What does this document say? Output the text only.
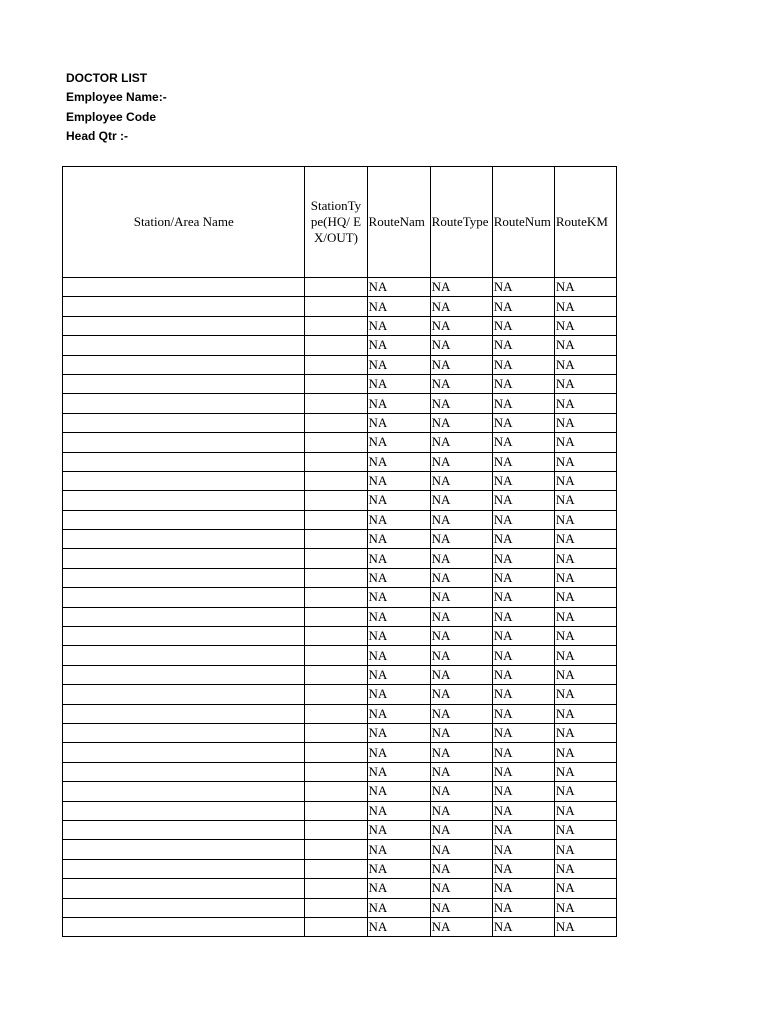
DOCTOR LIST
Employee Name:-
Employee Code
Head Qtr :-
Station/Area Name	StationTy pe(HQ/ EX/OUT)	RouteNam	RouteType	RouteNum	RouteKM
		NA	NA	NA	NA
		NA	NA	NA	NA
		NA	NA	NA	NA
		NA	NA	NA	NA
		NA	NA	NA	NA
		NA	NA	NA	NA
		NA	NA	NA	NA
		NA	NA	NA	NA
		NA	NA	NA	NA
		NA	NA	NA	NA
		NA	NA	NA	NA
		NA	NA	NA	NA
		NA	NA	NA	NA
		NA	NA	NA	NA
		NA	NA	NA	NA
		NA	NA	NA	NA
		NA	NA	NA	NA
		NA	NA	NA	NA
		NA	NA	NA	NA
		NA	NA	NA	NA
		NA	NA	NA	NA
		NA	NA	NA	NA
		NA	NA	NA	NA
		NA	NA	NA	NA
		NA	NA	NA	NA
		NA	NA	NA	NA
		NA	NA	NA	NA
		NA	NA	NA	NA
		NA	NA	NA	NA
		NA	NA	NA	NA
		NA	NA	NA	NA
		NA	NA	NA	NA
		NA	NA	NA	NA
		NA	NA	NA	NA
